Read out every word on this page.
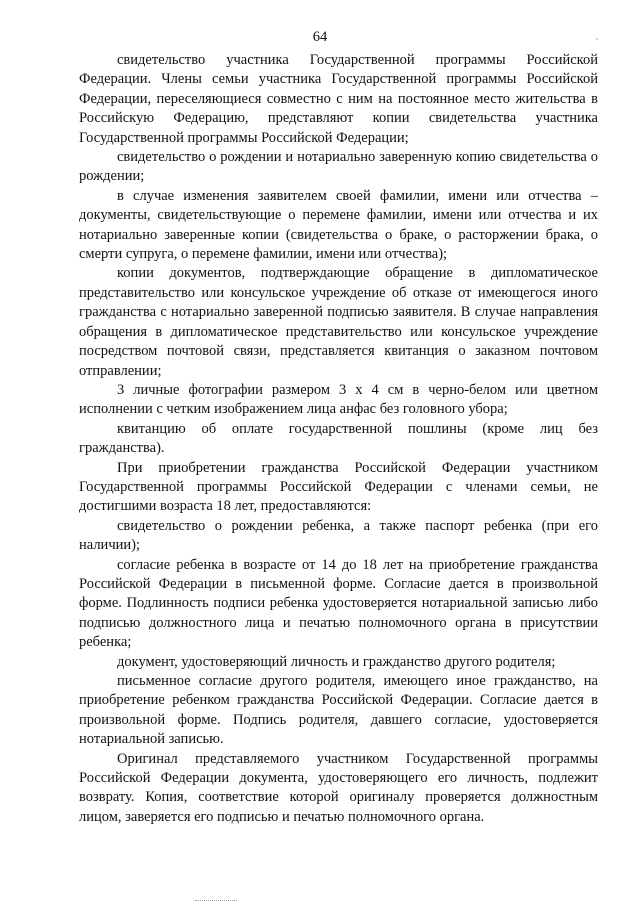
64

свидетельство участника Государственной программы Российской Федерации. Члены семьи участника Государственной программы Российской Федерации, переселяющиеся совместно с ним на постоянное место жительства в Российскую Федерацию, представляют копии свидетельства участника Государственной программы Российской Федерации;

свидетельство о рождении и нотариально заверенную копию свидетельства о рождении;

в случае изменения заявителем своей фамилии, имени или отчества – документы, свидетельствующие о перемене фамилии, имени или отчества и их нотариально заверенные копии (свидетельства о браке, о расторжении брака, о смерти супруга, о перемене фамилии, имени или отчества);

копии документов, подтверждающие обращение в дипломатическое представительство или консульское учреждение об отказе от имеющегося иного гражданства с нотариально заверенной подписью заявителя. В случае направления обращения в дипломатическое представительство или консульское учреждение посредством почтовой связи, представляется квитанция о заказном почтовом отправлении;

3 личные фотографии размером 3 х 4 см в черно-белом или цветном исполнении с четким изображением лица анфас без головного убора;

квитанцию об оплате государственной пошлины (кроме лиц без гражданства).

При приобретении гражданства Российской Федерации участником Государственной программы Российской Федерации с членами семьи, не достигшими возраста 18 лет, предоставляются:

свидетельство о рождении ребенка, а также паспорт ребенка (при его наличии);

согласие ребенка в возрасте от 14 до 18 лет на приобретение гражданства Российской Федерации в письменной форме. Согласие дается в произвольной форме. Подлинность подписи ребенка удостоверяется нотариальной записью либо подписью должностного лица и печатью полномочного органа в присутствии ребенка;

документ, удостоверяющий личность и гражданство другого родителя;

письменное согласие другого родителя, имеющего иное гражданство, на приобретение ребенком гражданства Российской Федерации. Согласие дается в произвольной форме. Подпись родителя, давшего согласие, удостоверяется нотариальной записью.

Оригинал представляемого участником Государственной программы Российской Федерации документа, удостоверяющего его личность, подлежит возврату. Копия, соответствие которой оригиналу проверяется должностным лицом, заверяется его подписью и печатью полномочного органа.
